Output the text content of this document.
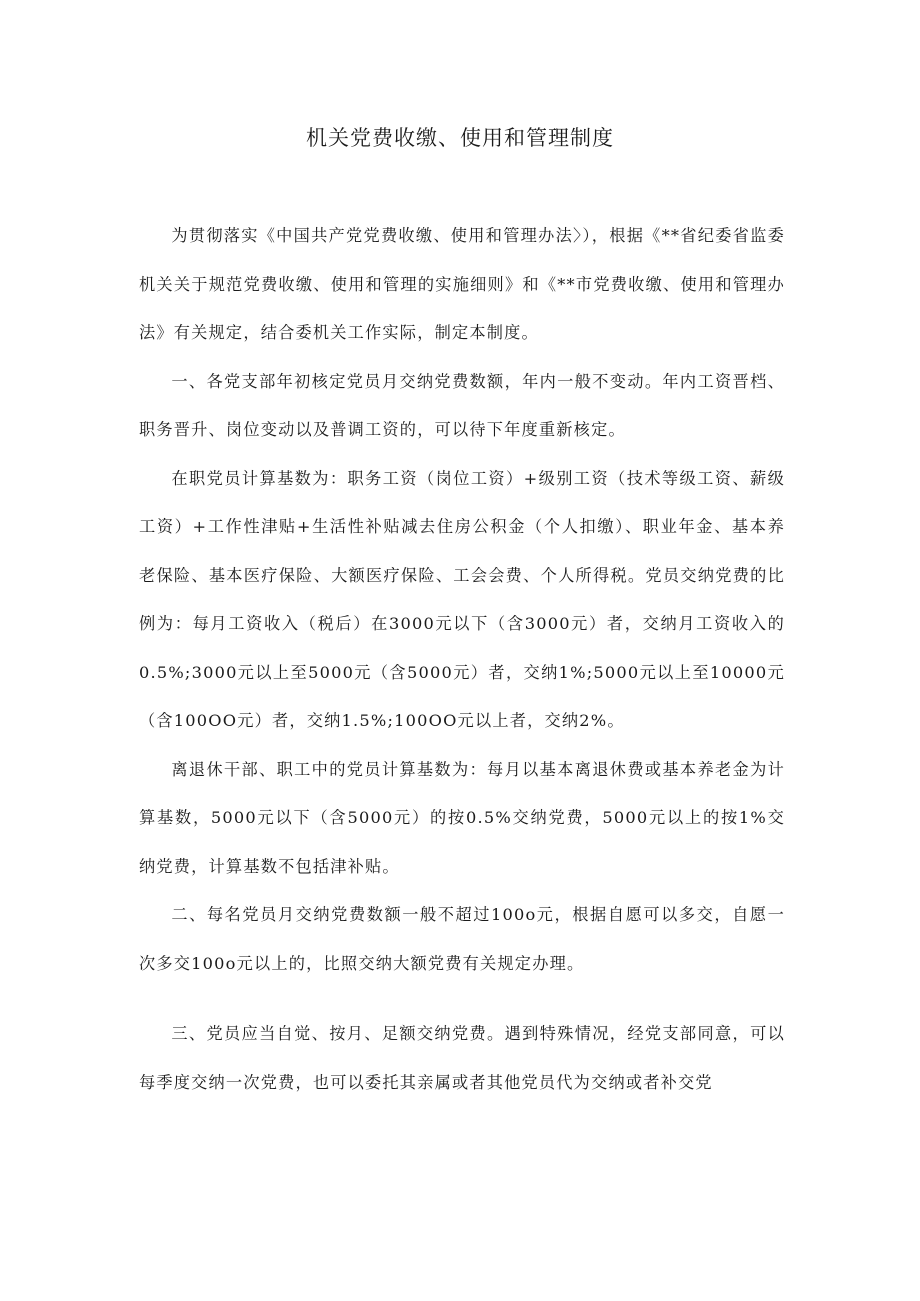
机关党费收缴、使用和管理制度

为贯彻落实《中国共产党党费收缴、使用和管理办法〉），根据《**省纪委省监委机关关于规范党费收缴、使用和管理的实施细则》和《**市党费收缴、使用和管理办法》有关规定，结合委机关工作实际，制定本制度。

一、各党支部年初核定党员月交纳党费数额，年内一般不变动。年内工资晋档、职务晋升、岗位变动以及普调工资的，可以待下年度重新核定。

在职党员计算基数为：职务工资（岗位工资）+级别工资（技术等级工资、薪级工资）+工作性津贴+生活性补贴减去住房公积金（个人扣缴）、职业年金、基本养老保险、基本医疗保险、大额医疗保险、工会会费、个人所得税。党员交纳党费的比例为：每月工资收入（税后）在3000元以下（含3000元）者，交纳月工资收入的0.5%;3000元以上至5000元（含5000元）者，交纳1%;5000元以上至10000元（含100OO元）者，交纳1.5%;100OO元以上者，交纳2%。

离退休干部、职工中的党员计算基数为：每月以基本离退休费或基本养老金为计算基数，5000元以下（含5000元）的按0.5%交纳党费，5000元以上的按1%交纳党费，计算基数不包括津补贴。

二、每名党员月交纳党费数额一般不超过100o元，根据自愿可以多交，自愿一次多交100o元以上的，比照交纳大额党费有关规定办理。

三、党员应当自觉、按月、足额交纳党费。遇到特殊情况，经党支部同意，可以每季度交纳一次党费，也可以委托其亲属或者其他党员代为交纳或者补交党
